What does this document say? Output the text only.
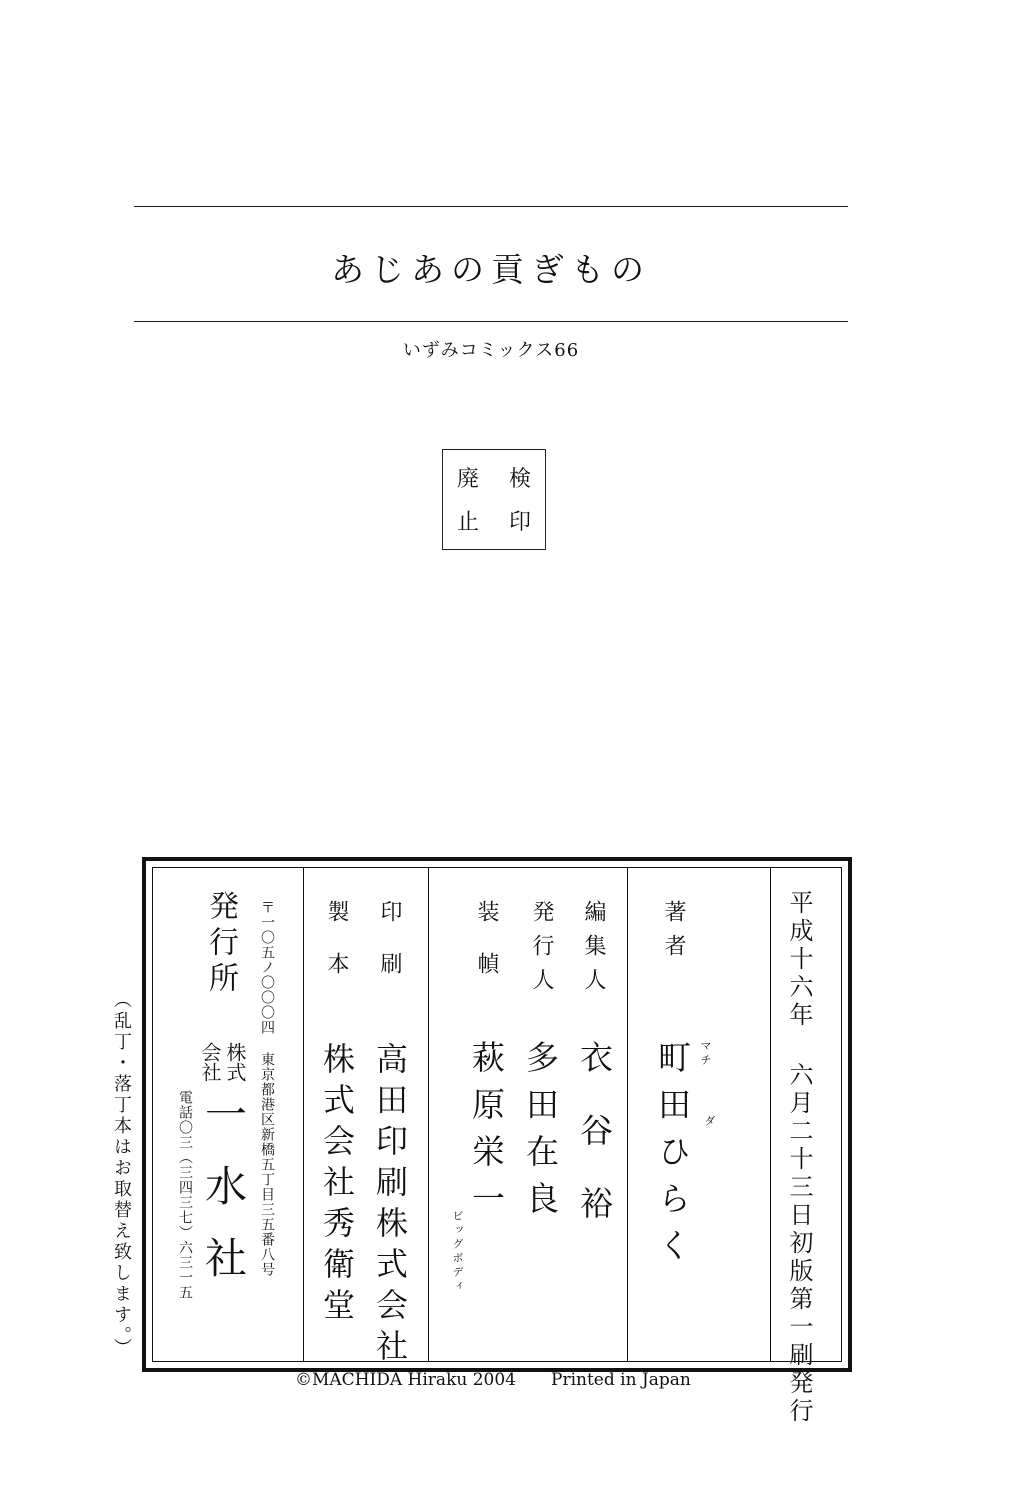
あじあの貢ぎもの
いずみコミックス66
検
印
廃
止
平成十六年 六月二十三日初版第一刷発行
著者
町田ひらく マチ
ダ
編集人
衣谷裕
発行人
多田在良
装幀
萩原栄一
ビッグボディ
印刷
高田印刷株式会社
製本
株式会社秀衛堂
〒一〇五ノ〇〇〇四 東京都港区新橋五丁目三五番八号
発行所
株式
会社
一水社
電話〇三（三四三七）六三一五
（乱丁・落丁本はお取替え致します。）
©MACHIDA Hiraku 2004 Printed in Japan
